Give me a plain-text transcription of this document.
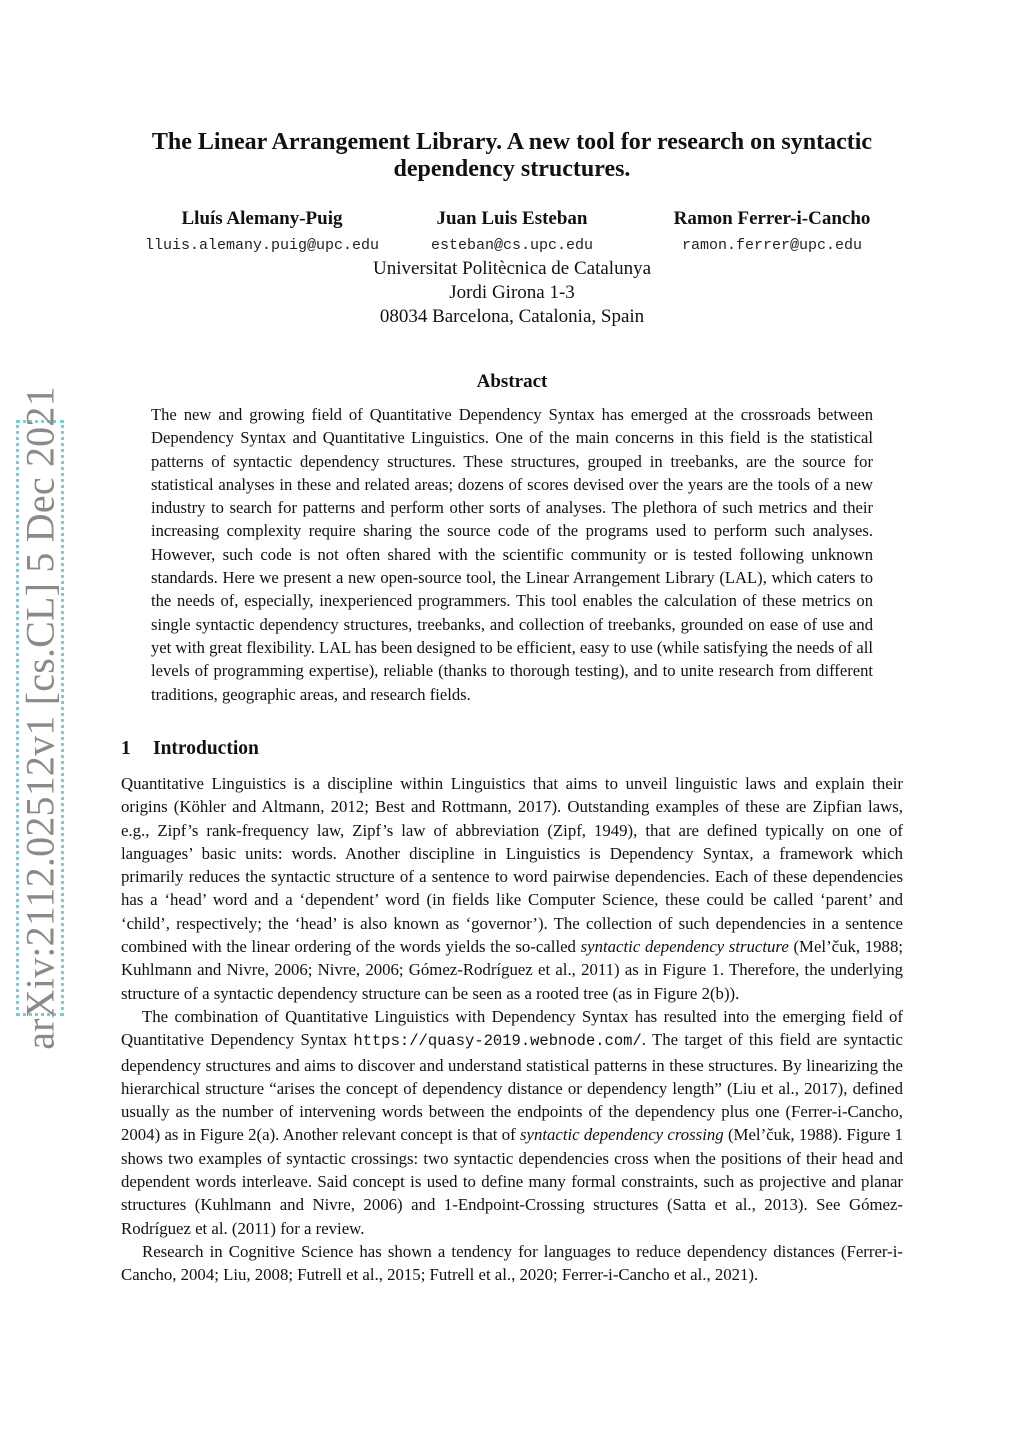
arXiv:2112.02512v1 [cs.CL] 5 Dec 2021
The Linear Arrangement Library. A new tool for research on syntactic dependency structures.
Lluís Alemany-Puig	Juan Luis Esteban	Ramon Ferrer-i-Cancho
lluis.alemany.puig@upc.edu	esteban@cs.upc.edu	ramon.ferrer@upc.edu
Universitat Politècnica de Catalunya
Jordi Girona 1-3
08034 Barcelona, Catalonia, Spain
Abstract
The new and growing field of Quantitative Dependency Syntax has emerged at the crossroads between Dependency Syntax and Quantitative Linguistics. One of the main concerns in this field is the statistical patterns of syntactic dependency structures. These structures, grouped in treebanks, are the source for statistical analyses in these and related areas; dozens of scores devised over the years are the tools of a new industry to search for patterns and perform other sorts of analyses. The plethora of such metrics and their increasing complexity require sharing the source code of the programs used to perform such analyses. However, such code is not often shared with the scientific community or is tested following unknown standards. Here we present a new open-source tool, the Linear Arrangement Library (LAL), which caters to the needs of, especially, inexperienced programmers. This tool enables the calculation of these metrics on single syntactic dependency structures, treebanks, and collection of treebanks, grounded on ease of use and yet with great flexibility. LAL has been designed to be efficient, easy to use (while satisfying the needs of all levels of programming expertise), reliable (thanks to thorough testing), and to unite research from different traditions, geographic areas, and research fields.
1 Introduction

Quantitative Linguistics is a discipline within Linguistics that aims to unveil linguistic laws and explain their origins (Köhler and Altmann, 2012; Best and Rottmann, 2017). Outstanding examples of these are Zipfian laws, e.g., Zipf’s rank-frequency law, Zipf’s law of abbreviation (Zipf, 1949), that are defined typically on one of languages’ basic units: words. Another discipline in Linguistics is Dependency Syntax, a framework which primarily reduces the syntactic structure of a sentence to word pairwise dependencies. Each of these dependencies has a ‘head’ word and a ‘dependent’ word (in fields like Computer Science, these could be called ‘parent’ and ‘child’, respectively; the ‘head’ is also known as ‘governor’). The collection of such dependencies in a sentence combined with the linear ordering of the words yields the so-called syntactic dependency structure (Mel’čuk, 1988; Kuhlmann and Nivre, 2006; Nivre, 2006; Gómez-Rodríguez et al., 2011) as in Figure 1. Therefore, the underlying structure of a syntactic dependency structure can be seen as a rooted tree (as in Figure 2(b)).

The combination of Quantitative Linguistics with Dependency Syntax has resulted into the emerging field of Quantitative Dependency Syntax https://quasy-2019.webnode.com/. The target of this field are syntactic dependency structures and aims to discover and understand statistical patterns in these structures. By linearizing the hierarchical structure “arises the concept of dependency distance or dependency length” (Liu et al., 2017), defined usually as the number of intervening words between the endpoints of the dependency plus one (Ferrer-i-Cancho, 2004) as in Figure 2(a). Another relevant concept is that of syntactic dependency crossing (Mel’čuk, 1988). Figure 1 shows two examples of syntactic crossings: two syntactic dependencies cross when the positions of their head and dependent words interleave. Said concept is used to define many formal constraints, such as projective and planar structures (Kuhlmann and Nivre, 2006) and 1-Endpoint-Crossing structures (Satta et al., 2013). See Gómez-Rodríguez et al. (2011) for a review.

Research in Cognitive Science has shown a tendency for languages to reduce dependency distances (Ferrer-i-Cancho, 2004; Liu, 2008; Futrell et al., 2015; Futrell et al., 2020; Ferrer-i-Cancho et al., 2021).
